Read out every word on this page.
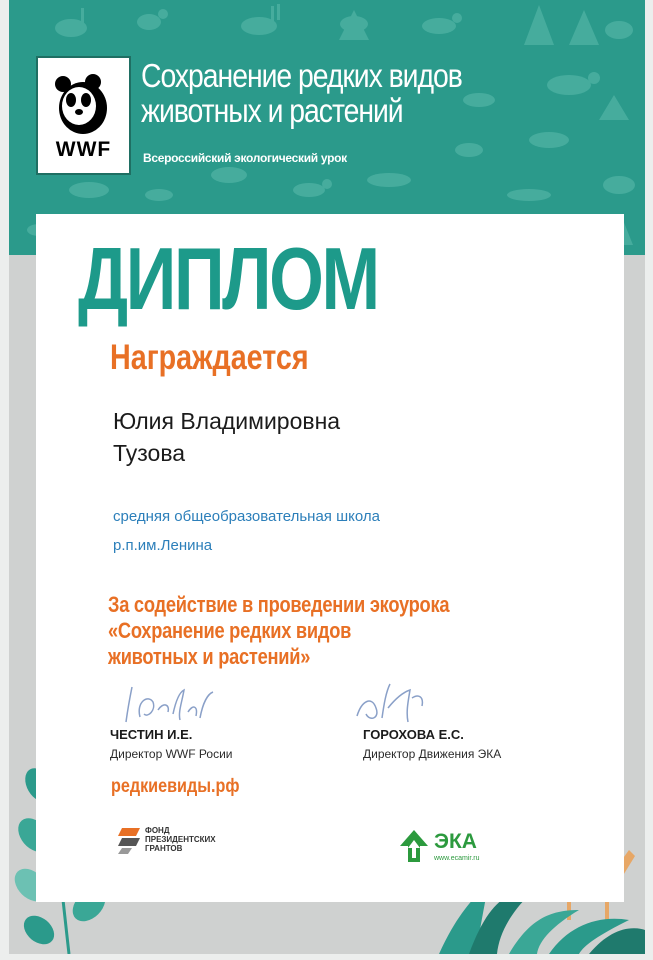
WWF
Сохранение редких видов
животных и растений
Всероссийский экологический урок
ДИПЛОМ
Награждается
Юлия Владимировна
Тузова
средняя общеобразовательная школа
р.п.им.Ленина
За содействие в проведении экоурока
«Сохранение редких видов
животных и растений»
ЧЕСТИН И.Е.
Директор WWF Росии
ГОРОХОВА Е.С.
Директор Движения ЭКА
редкиевиды.рф
ФОНД
ПРЕЗИДЕНТСКИХ
ГРАНТОВ	ЭКА
www.ecamir.ru
